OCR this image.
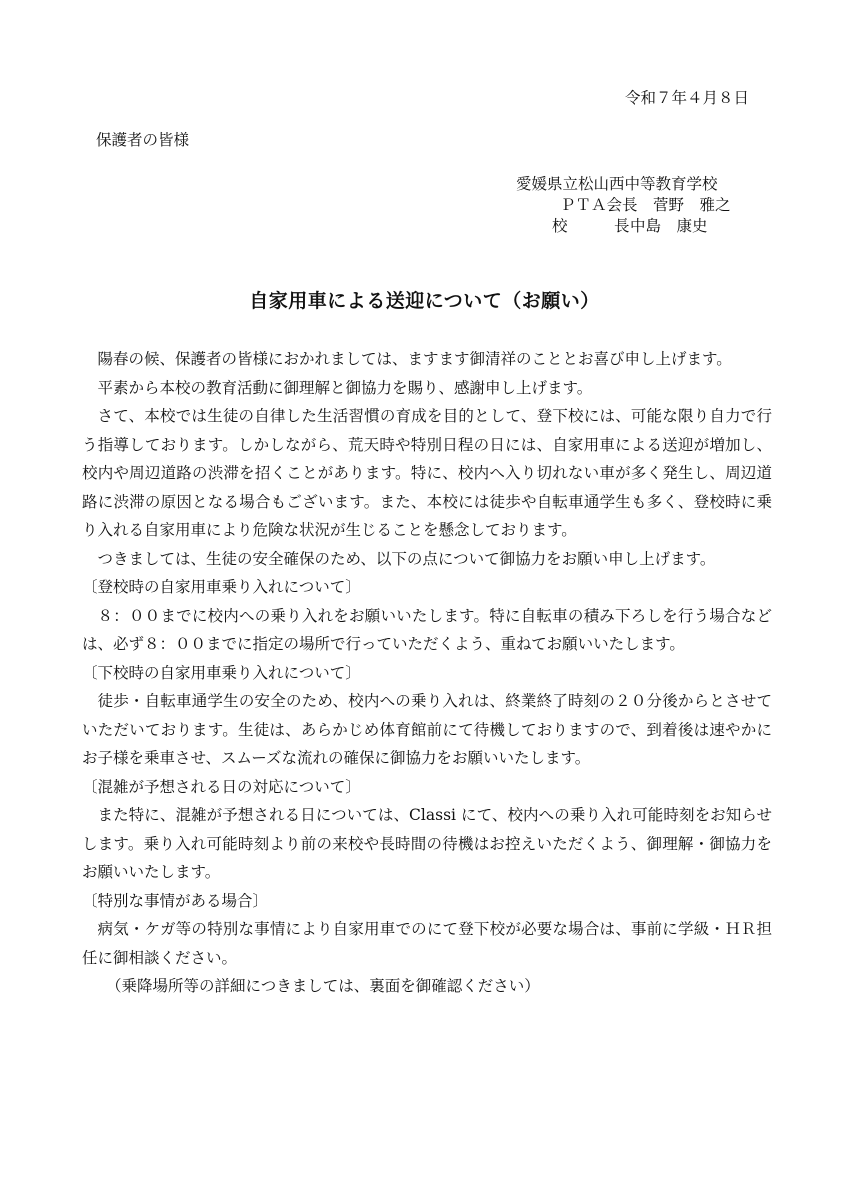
令和７年４月８日
保護者の皆様
愛媛県立松山西中等教育学校
ＰＴＡ会長　 菅野　雅之
校　　　長中島　康史
自家用車による送迎について（お願い）

陽春の候、保護者の皆様におかれましては、ますます御清祥のこととお喜び申し上げます。

平素から本校の教育活動に御理解と御協力を賜り、感謝申し上げます。

さて、本校では生徒の自律した生活習慣の育成を目的として、登下校には、可能な限り自力で行う指導しております。しかしながら、荒天時や特別日程の日には、自家用車による送迎が増加し、校内や周辺道路の渋滞を招くことがあります。特に、校内へ入り切れない車が多く発生し、周辺道路に渋滞の原因となる場合もございます。また、本校には徒歩や自転車通学生も多く、登校時に乗り入れる自家用車により危険な状況が生じることを懸念しております。

つきましては、生徒の安全確保のため、以下の点について御協力をお願い申し上げます。

〔登校時の自家用車乗り入れについて〕

８：００までに校内への乗り入れをお願いいたします。特に自転車の積み下ろしを行う場合などは、必ず８：００までに指定の場所で行っていただくよう、重ねてお願いいたします。

〔下校時の自家用車乗り入れについて〕

徒歩・自転車通学生の安全のため、校内への乗り入れは、終業終了時刻の２０分後からとさせていただいております。生徒は、あらかじめ体育館前にて待機しておりますので、到着後は速やかにお子様を乗車させ、スムーズな流れの確保に御協力をお願いいたします。

〔混雑が予想される日の対応について〕

また特に、混雑が予想される日については、Classi にて、校内への乗り入れ可能時刻をお知らせします。乗り入れ可能時刻より前の来校や長時間の待機はお控えいただくよう、御理解・御協力をお願いいたします。

〔特別な事情がある場合〕

病気・ケガ等の特別な事情により自家用車でのにて登下校が必要な場合は、事前に学級・ＨＲ担任に御相談ください。

（乗降場所等の詳細につきましては、裏面を御確認ください）
